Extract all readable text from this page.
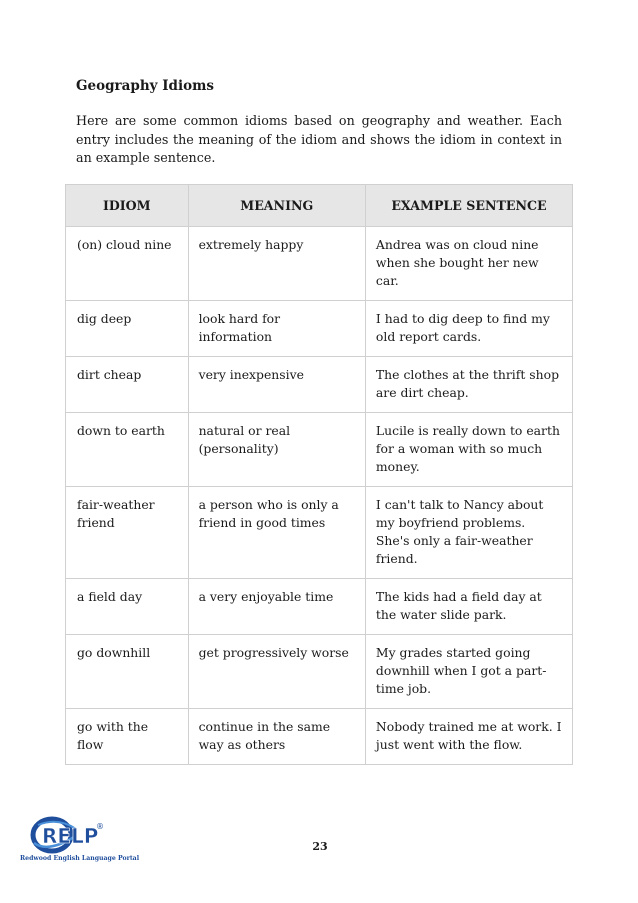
Geography Idioms
Here are some common idioms based on geography and weather. Each entry includes the meaning of the idiom and shows the idiom in context in an example sentence.
IDIOM	MEANING	EXAMPLE SENTENCE
(on) cloud nine	extremely happy	Andrea was on cloud nine when she bought her new car.
dig deep	look hard for information	I had to dig deep to find my old report cards.
dirt cheap	very inexpensive	The clothes at the thrift shop are dirt cheap.
down to earth	natural or real (personality)	Lucile is really down to earth for a woman with so much money.
fair-weather friend	a person who is only a friend in good times	I can't talk to Nancy about my boyfriend problems. She's only a fair-weather friend.
a field day	a very enjoyable time	The kids had a field day at the water slide park.
go downhill	get progressively worse	My grades started going downhill when I got a part-time job.
go with the flow	continue in the same way as others	Nobody trained me at work. I just went with the flow.
RELP
®
Redwood English Language Portal
23
